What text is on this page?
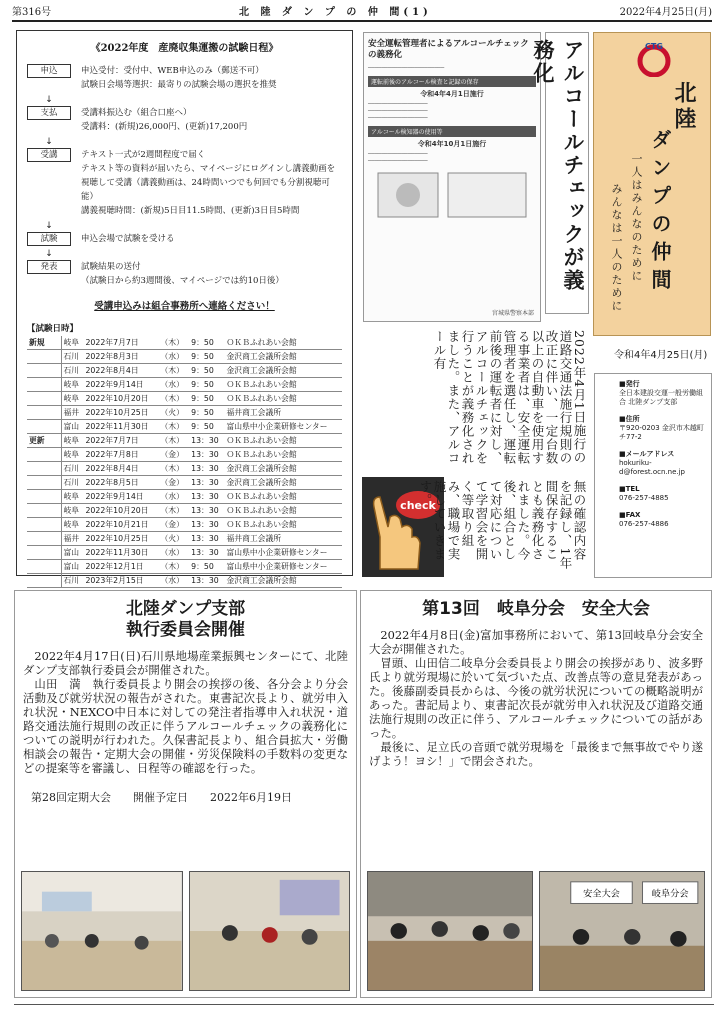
第316号	北 陸 ダ ン プ の 仲 間(1)	2022年4月25日(月)
《2022年度　産廃収集運搬の試験日程》
申込	申込受付：受付中、WEB申込のみ（郵送不可）
試験日会場等選択：最寄りの試験会場の選択を推奨
↓
支払	受講料振込む（組合口座へ）
受講料：(新規)26,000円、(更新)17,200円
↓
受講	テキスト一式が2週間程度で届く
テキスト等の資料が届いたら、マイページにログインし講義動画を
視聴して受講（講義動画は、24時間いつでも何回でも分割視聴可能）
講義視聴時間：(新規)5日目11.5時間、(更新)3日目5時間
↓
試験	申込会場で試験を受ける
↓
発表	試験結果の送付
（試験日から約3週間後、マイページでは約10日後）
受講申込みは組合事務所へ連絡ください！
【試験日時】
新規	岐阜	2022年7月7日	（木）	9：50	ＯＫＢふれあい会館
	石川	2022年8月3日	（水）	9：50	金沢商工会議所会館
	石川	2022年8月4日	（木）	9：50	金沢商工会議所会館
	岐阜	2022年9月14日	（水）	9：50	ＯＫＢふれあい会館
	岐阜	2022年10月20日	（木）	9：50	ＯＫＢふれあい会館
	福井	2022年10月25日	（火）	9：50	福井商工会議所
	富山	2022年11月30日	（木）	9：50	富山県中小企業研修センター
更新	岐阜	2022年7月7日	（木）	13：30	ＯＫＢふれあい会館
	岐阜	2022年7月8日	（金）	13：30	ＯＫＢふれあい会館
	石川	2022年8月4日	（木）	13：30	金沢商工会議所会館
	石川	2022年8月5日	（金）	13：30	金沢商工会議所会館
	岐阜	2022年9月14日	（水）	13：30	ＯＫＢふれあい会館
	岐阜	2022年10月20日	（木）	13：30	ＯＫＢふれあい会館
	岐阜	2022年10月21日	（金）	13：30	ＯＫＢふれあい会館
	福井	2022年10月25日	（火）	13：30	福井商工会議所
	富山	2022年11月30日	（水）	13：30	富山県中小企業研修センター
	富山	2022年12月1日	（木）	9：50	富山県中小企業研修センター
	石川	2023年2月15日	（水）	13：30	金沢商工会議所会館
安全運転管理者によるアルコールチェックの義務化
───────────────────────
運転前後のアルコール検査と記録の保存
令和4年4月1日施行
──────────────────
──────────────────
──────────────────
アルコール検知器の使用等
令和4年10月1日施行
──────────────────
──────────────────
宮城県警察本部
アルコールチェックが義務化	CTG
北陸
ダンプの仲間
一人はみんなのために
みんなは一人のために
令和4年4月25日(月)
■発行
全日本建設交運一般労働組合 北陸ダンプ支部
■住所
〒920-0203 金沢市木越町チ77-2
■メールアドレス
hokuriku-d@forest.ocn.ne.jp
■TEL
076-257-4885
■FAX
076-257-4886
2022年4月1日施行の道路交通法施行規則の改正に伴い、一定台数以上の自動車を使用する事業者は、安全運転管理者を選任し、運転前後の運転者に対し、アルコールチェックを行うことが義務化されました。また、アルコール有
check	無の確認内容を記録し、1年間保存することも義務化されました。今後、組合として対応について学習会を開く等取り組み、職場で実施していきます。
北陸ダンプ支部
執行委員会開催

2022年4月17日(日)石川県地場産業振興センターにて、北陸ダンプ支部執行委員会が開催された。

山田　満　執行委員長より開会の挨拶の後、各分会より分会活動及び就労状況の報告がされた。東書記次長より、就労申入れ状況・NEXCO中日本に対しての発注者指導申入れ状況・道路交通法施行規則の改正に伴うアルコールチェックの義務化についての説明が行われた。久保書記長より、組合員拡大・労働相談会の報告・定期大会の開催・労災保険料の手数料の変更などの提案等を審議し、日程等の確認を行った。

第28回定期大会　　開催予定日　　2022年6月19日
第13回　岐阜分会　安全大会

2022年4月8日(金)富加事務所において、第13回岐阜分会安全大会が開催された。

冒頭、山田信二岐阜分会委員長より開会の挨拶があり、波多野氏より就労現場に於いて気づいた点、改善点等の意見発表があった。後藤副委員長からは、今後の就労状況についての概略説明があった。書記局より、東書記次長が就労申入れ状況及び道路交通法施行規則の改正に伴う、アルコールチェックについての話があった。

最後に、足立氏の音頭で就労現場を「最後まで無事故でやり遂げよう！ヨシ！」で閉会された。

安全大会	岐阜分会
